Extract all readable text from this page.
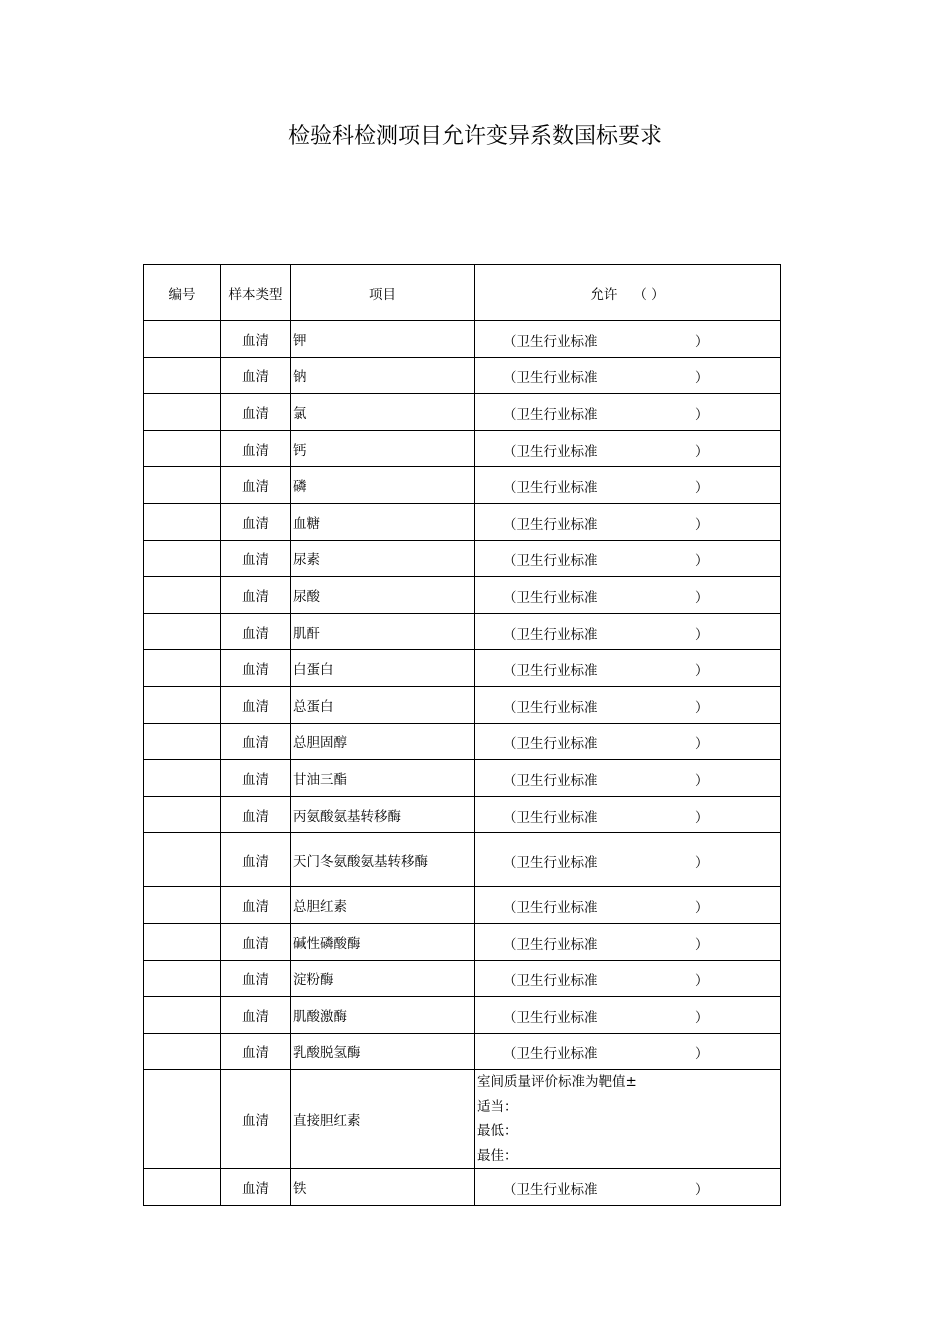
检验科检测项目允许变异系数国标要求
编号	样本类型	项目	允许 （ ）
	血清	钾	（卫生行业标准 ）

	血清	钠	（卫生行业标准 ）

	血清	氯	（卫生行业标准 ）

	血清	钙	（卫生行业标准 ）

	血清	磷	（卫生行业标准 ）

	血清	血糖	（卫生行业标准 ）

	血清	尿素	（卫生行业标准 ）

	血清	尿酸	（卫生行业标准 ）

	血清	肌酐	（卫生行业标准 ）

	血清	白蛋白	（卫生行业标准 ）

	血清	总蛋白	（卫生行业标准 ）

	血清	总胆固醇	（卫生行业标准 ）

	血清	甘油三酯	（卫生行业标准 ）

	血清	丙氨酸氨基转移酶	（卫生行业标准 ）

	血清	天门冬氨酸氨基转移酶	（卫生行业标准 ）

	血清	总胆红素	（卫生行业标准 ）

	血清	碱性磷酸酶	（卫生行业标准 ）

	血清	淀粉酶	（卫生行业标准 ）

	血清	肌酸激酶	（卫生行业标准 ）

	血清	乳酸脱氢酶	（卫生行业标准 ）

	血清	直接胆红素	室间质量评价标准为靶值±
适当：
最低：
最佳：

	血清	铁	（卫生行业标准 ）
